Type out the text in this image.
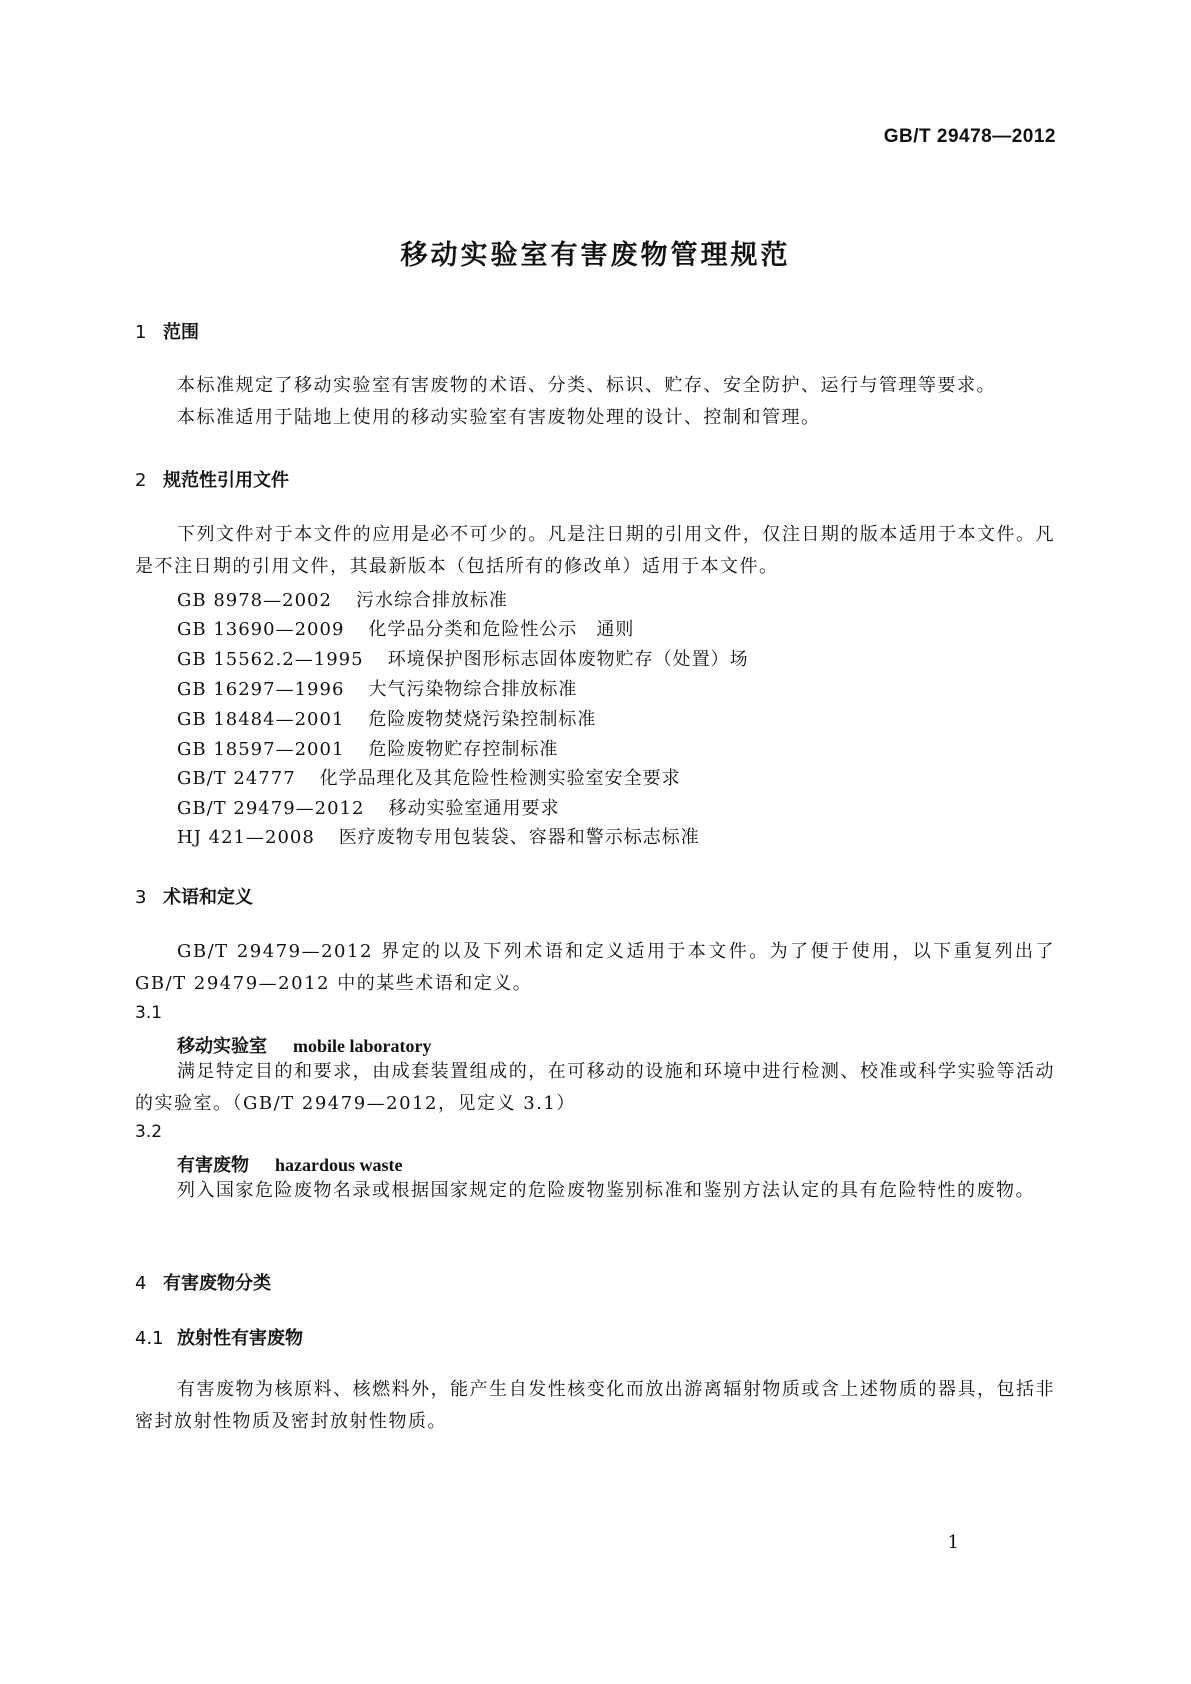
GB/T 29478—2012
移动实验室有害废物管理规范
1 范围
本标准规定了移动实验室有害废物的术语、分类、标识、贮存、安全防护、运行与管理等要求。
本标准适用于陆地上使用的移动实验室有害废物处理的设计、控制和管理。
2 规范性引用文件
下列文件对于本文件的应用是必不可少的。凡是注日期的引用文件，仅注日期的版本适用于本文件。凡是不注日期的引用文件，其最新版本（包括所有的修改单）适用于本文件。
GB 8978—2002 污水综合排放标准
GB 13690—2009 化学品分类和危险性公示　通则
GB 15562.2—1995 环境保护图形标志固体废物贮存（处置）场
GB 16297—1996 大气污染物综合排放标准
GB 18484—2001 危险废物焚烧污染控制标准
GB 18597—2001 危险废物贮存控制标准
GB/T 24777 化学品理化及其危险性检测实验室安全要求
GB/T 29479—2012 移动实验室通用要求
HJ 421—2008 医疗废物专用包装袋、容器和警示标志标准
3 术语和定义
GB/T 29479—2012 界定的以及下列术语和定义适用于本文件。为了便于使用，以下重复列出了 GB/T 29479—2012 中的某些术语和定义。
3.1
移动实验室 mobile laboratory
满足特定目的和要求，由成套装置组成的，在可移动的设施和环境中进行检测、校准或科学实验等活动的实验室。（GB/T 29479—2012，见定义 3.1）
3.2
有害废物 hazardous waste
列入国家危险废物名录或根据国家规定的危险废物鉴别标准和鉴别方法认定的具有危险特性的废物。
4 有害废物分类
4.1 放射性有害废物
有害废物为核原料、核燃料外，能产生自发性核变化而放出游离辐射物质或含上述物质的器具，包括非密封放射性物质及密封放射性物质。
1
